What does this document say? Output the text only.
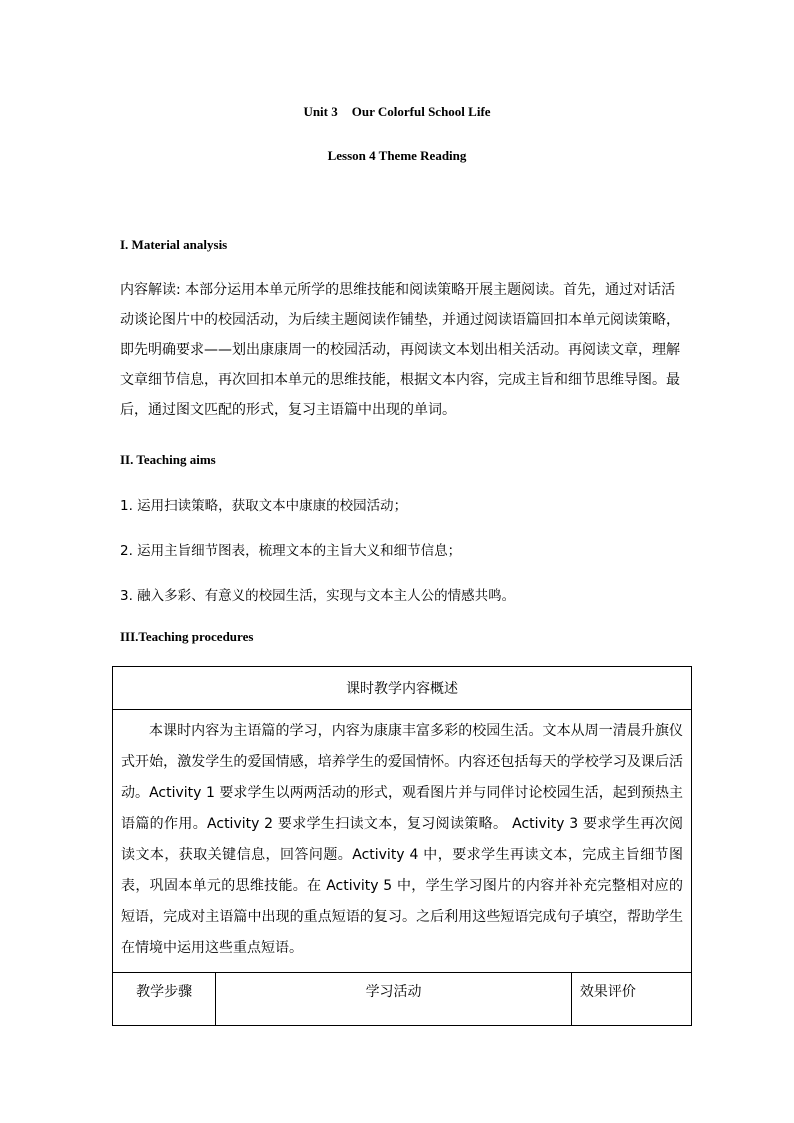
Unit 3 Our Colorful School Life
Lesson 4 Theme Reading
I. Material analysis
内容解读: 本部分运用本单元所学的思维技能和阅读策略开展主题阅读。首先，通过对话活动谈论图片中的校园活动，为后续主题阅读作铺垫，并通过阅读语篇回扣本单元阅读策略，即先明确要求——划出康康周一的校园活动，再阅读文本划出相关活动。再阅读文章，理解文章细节信息，再次回扣本单元的思维技能，根据文本内容，完成主旨和细节思维导图。最后，通过图文匹配的形式，复习主语篇中出现的单词。
II. Teaching aims
1. 运用扫读策略，获取文本中康康的校园活动；
2. 运用主旨细节图表，梳理文本的主旨大义和细节信息；
3. 融入多彩、有意义的校园生活，实现与文本主人公的情感共鸣。
III.Teaching procedures
课时教学内容概述
本课时内容为主语篇的学习，内容为康康丰富多彩的校园生活。文本从周一清晨升旗仪式开始，激发学生的爱国情感，培养学生的爱国情怀。内容还包括每天的学校学习及课后活动。Activity 1 要求学生以两两活动的形式，观看图片并与同伴讨论校园生活，起到预热主语篇的作用。Activity 2 要求学生扫读文本，复习阅读策略。 Activity 3 要求学生再次阅读文本，获取关键信息，回答问题。Activity 4 中，要求学生再读文本，完成主旨细节图表，巩固本单元的思维技能。在 Activity 5 中，学生学习图片的内容并补充完整相对应的短语，完成对主语篇中出现的重点短语的复习。之后利用这些短语完成句子填空，帮助学生在情境中运用这些重点短语。
教学步骤	学习活动	效果评价
